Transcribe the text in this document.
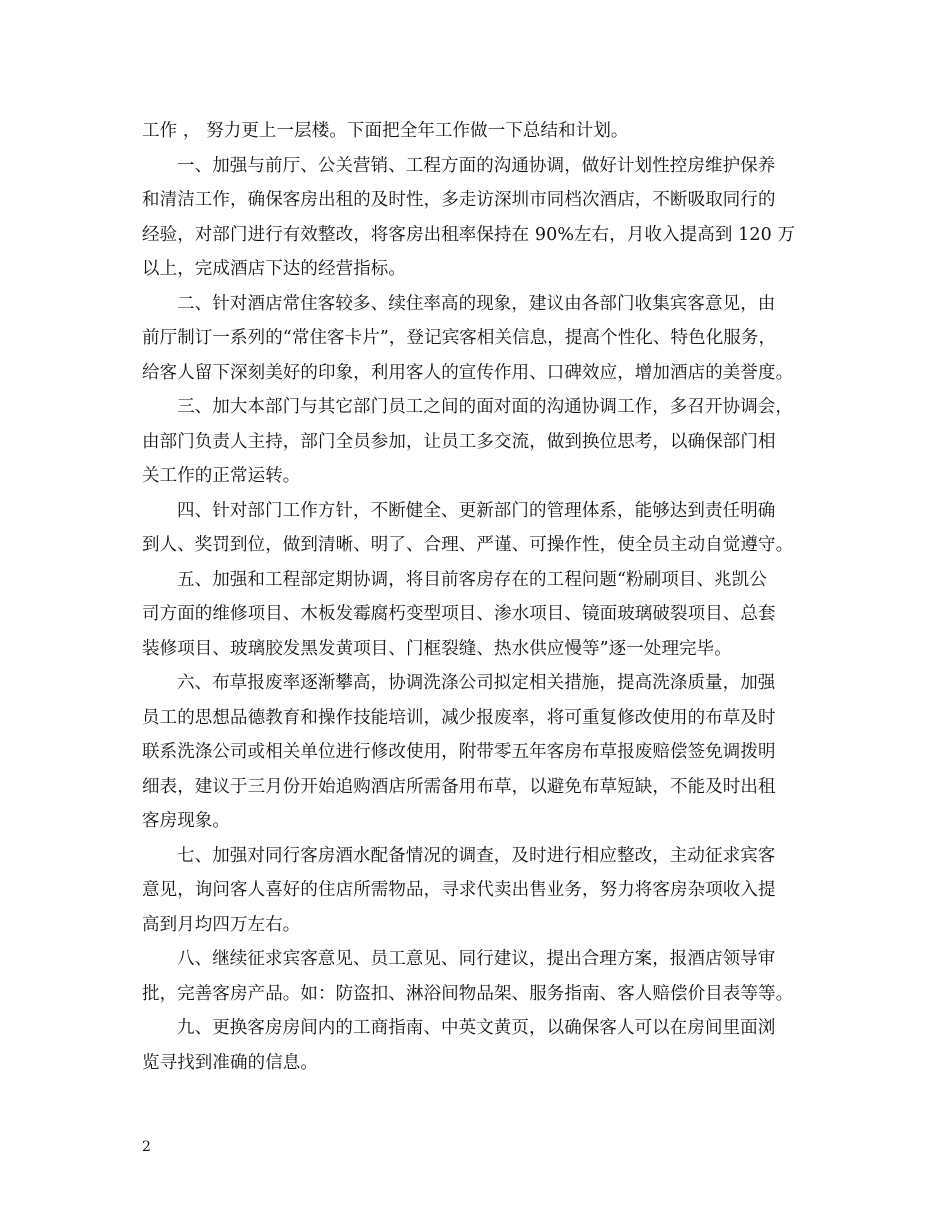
工作 ， 努力更上一层楼。下面把全年工作做一下总结和计划。
一、加强与前厅、公关营销、工程方面的沟通协调，做好计划性控房维护保养
和清洁工作，确保客房出租的及时性，多走访深圳市同档次酒店，不断吸取同行的
经验，对部门进行有效整改，将客房出租率保持在 90%左右，月收入提高到 120 万
以上，完成酒店下达的经营指标。
二、针对酒店常住客较多、续住率高的现象，建议由各部门收集宾客意见，由
前厅制订一系列的“常住客卡片”，登记宾客相关信息，提高个性化、特色化服务，
给客人留下深刻美好的印象，利用客人的宣传作用、口碑效应，增加酒店的美誉度。
三、加大本部门与其它部门员工之间的面对面的沟通协调工作，多召开协调会，
由部门负责人主持，部门全员参加，让员工多交流，做到换位思考，以确保部门相
关工作的正常运转。
四、针对部门工作方针，不断健全、更新部门的管理体系，能够达到责任明确
到人、奖罚到位，做到清晰、明了、合理、严谨、可操作性，使全员主动自觉遵守。
五、加强和工程部定期协调，将目前客房存在的工程问题“粉刷项目、兆凯公
司方面的维修项目、木板发霉腐朽变型项目、渗水项目、镜面玻璃破裂项目、总套
装修项目、玻璃胶发黑发黄项目、门框裂缝、热水供应慢等”逐一处理完毕。
六、布草报废率逐渐攀高，协调洗涤公司拟定相关措施，提高洗涤质量，加强
员工的思想品德教育和操作技能培训，减少报废率，将可重复修改使用的布草及时
联系洗涤公司或相关单位进行修改使用，附带零五年客房布草报废赔偿签免调拨明
细表，建议于三月份开始追购酒店所需备用布草，以避免布草短缺，不能及时出租
客房现象。
七、加强对同行客房酒水配备情况的调查，及时进行相应整改，主动征求宾客
意见，询问客人喜好的住店所需物品，寻求代卖出售业务，努力将客房杂项收入提
高到月均四万左右。
八、继续征求宾客意见、员工意见、同行建议，提出合理方案，报酒店领导审
批，完善客房产品。如：防盗扣、淋浴间物品架、服务指南、客人赔偿价目表等等。
九、更换客房房间内的工商指南、中英文黄页，以确保客人可以在房间里面浏
览寻找到准确的信息。
2
